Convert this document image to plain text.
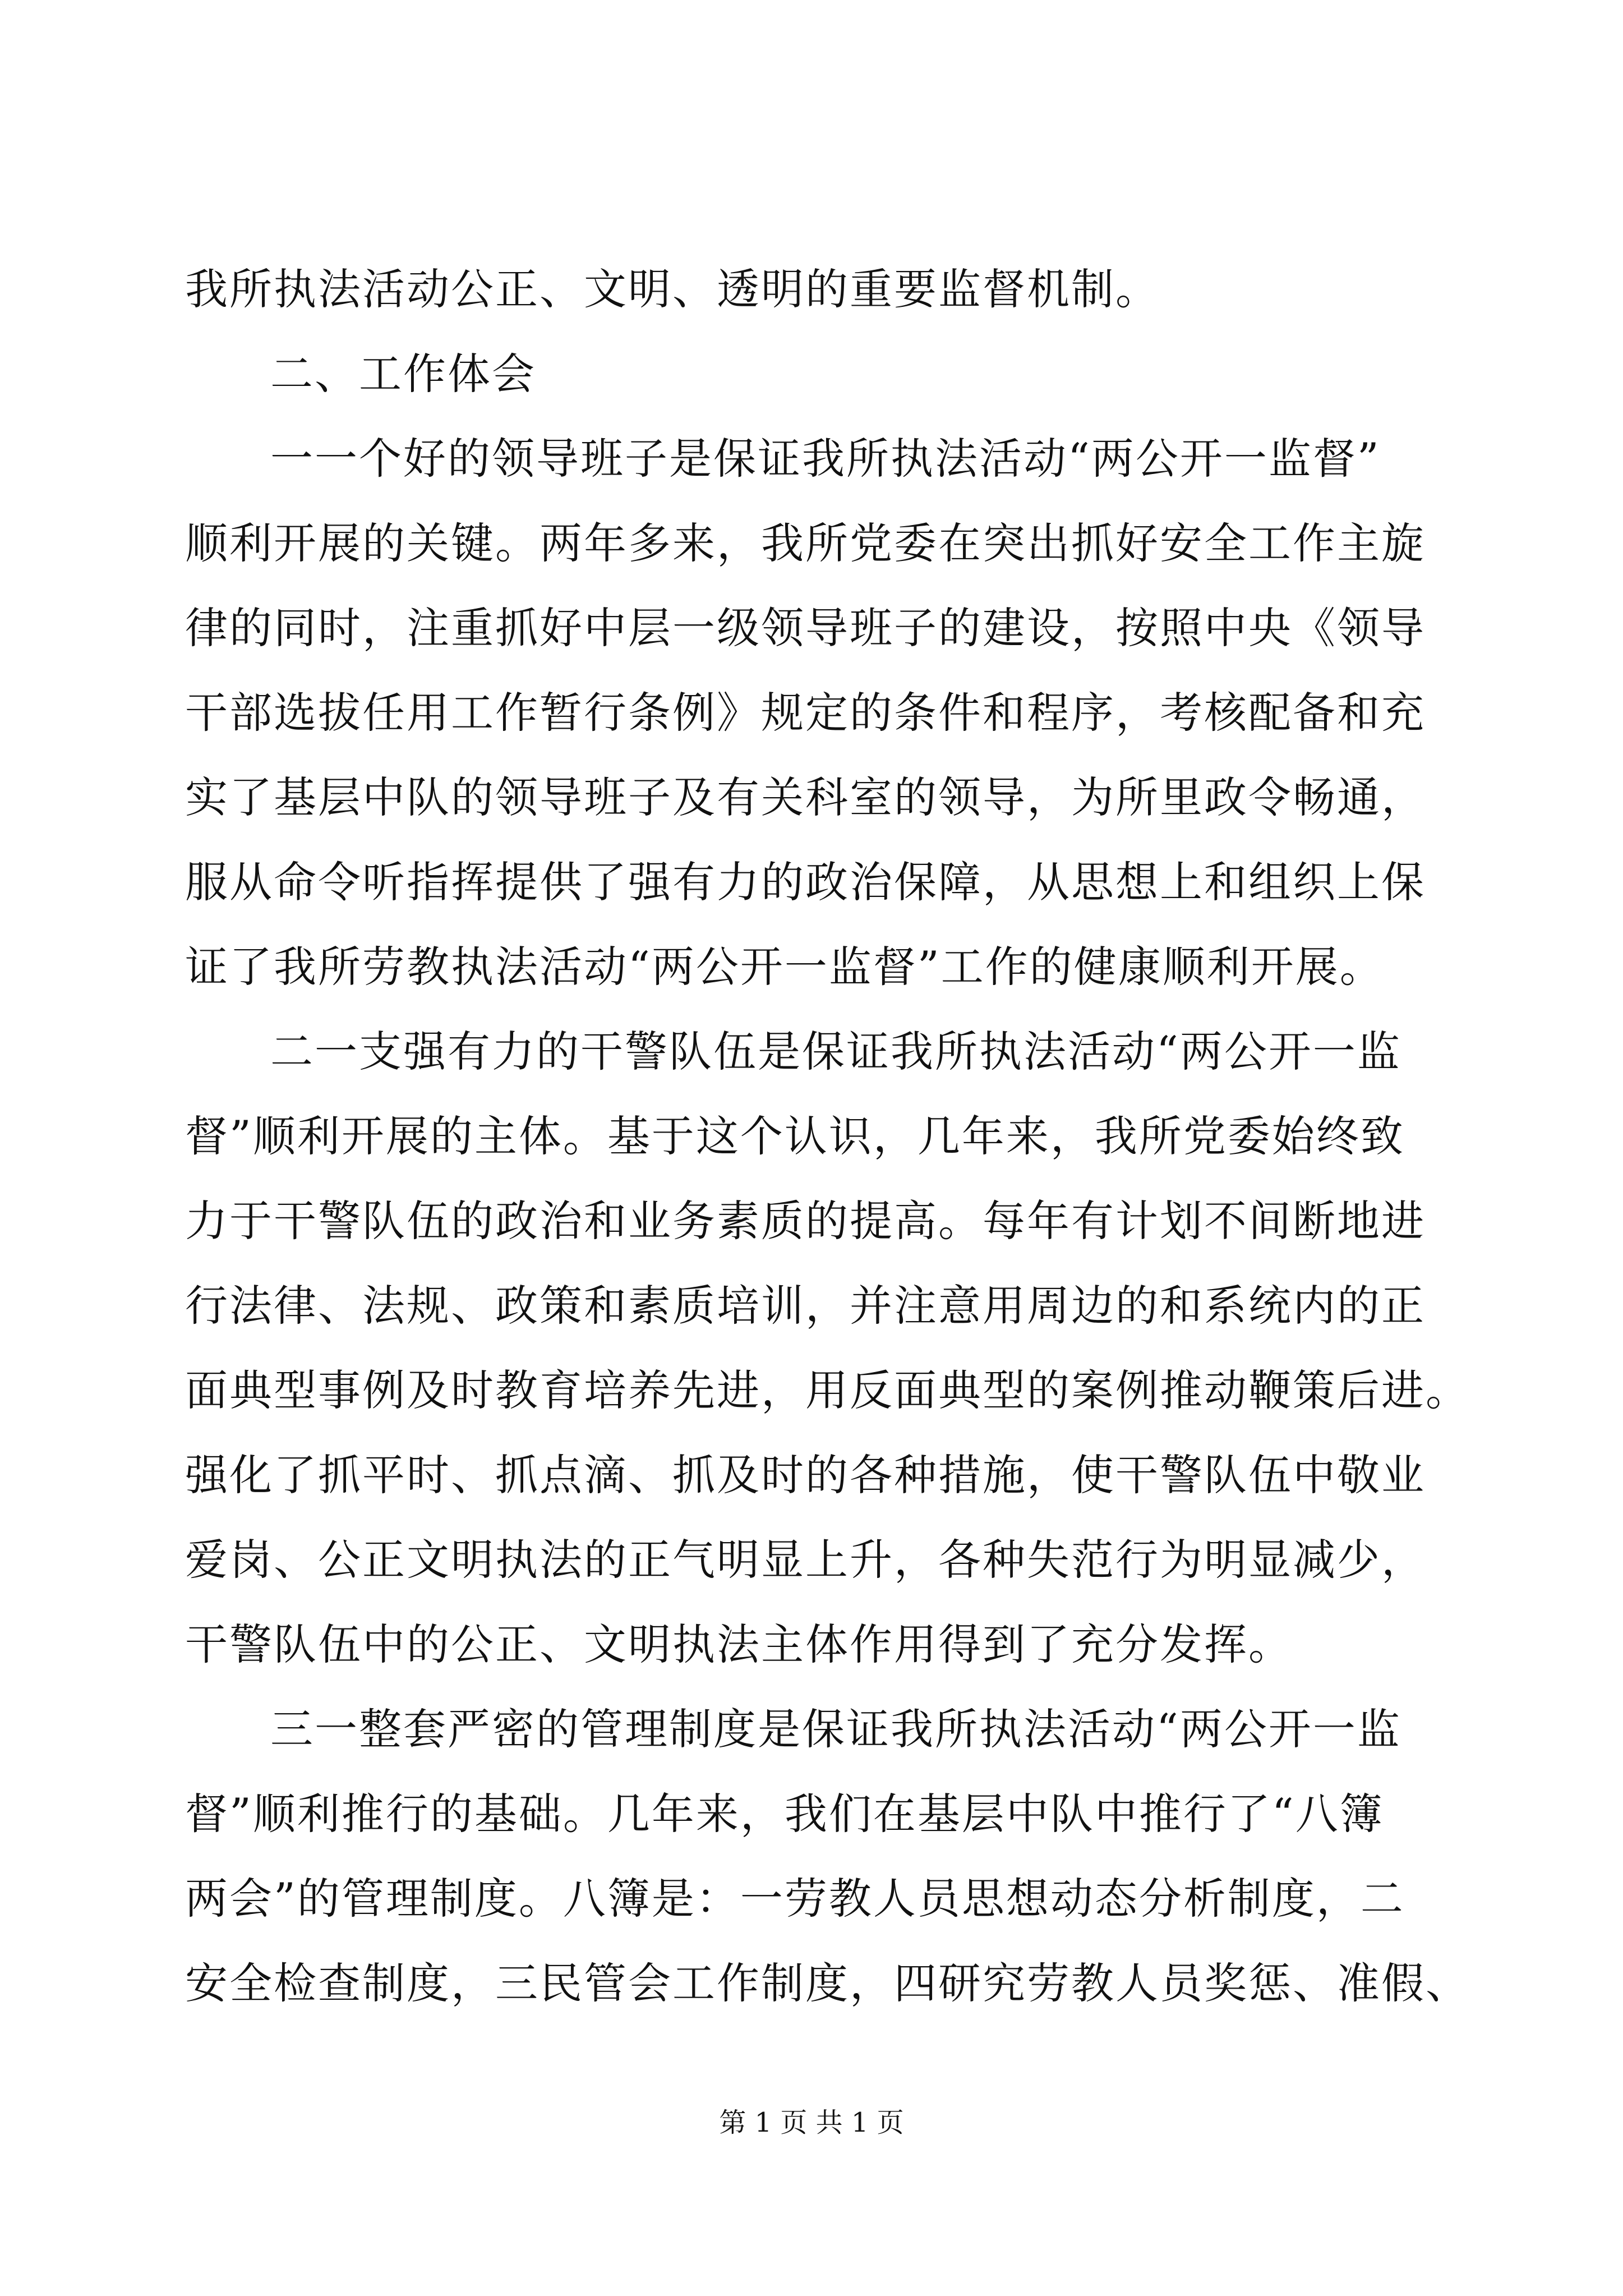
我所执法活动公正、文明、透明的重要监督机制。
二、工作体会
一一个好的领导班子是保证我所执法活动“两公开一监督”
顺利开展的关键。两年多来，我所党委在突出抓好安全工作主旋
律的同时，注重抓好中层一级领导班子的建设，按照中央《领导
干部选拔任用工作暂行条例》规定的条件和程序，考核配备和充
实了基层中队的领导班子及有关科室的领导，为所里政令畅通，
服从命令听指挥提供了强有力的政治保障，从思想上和组织上保
证了我所劳教执法活动“两公开一监督”工作的健康顺利开展。
二一支强有力的干警队伍是保证我所执法活动“两公开一监
督”顺利开展的主体。基于这个认识，几年来，我所党委始终致
力于干警队伍的政治和业务素质的提高。每年有计划不间断地进
行法律、法规、政策和素质培训，并注意用周边的和系统内的正
面典型事例及时教育培养先进，用反面典型的案例推动鞭策后进。
强化了抓平时、抓点滴、抓及时的各种措施，使干警队伍中敬业
爱岗、公正文明执法的正气明显上升，各种失范行为明显减少，
干警队伍中的公正、文明执法主体作用得到了充分发挥。
三一整套严密的管理制度是保证我所执法活动“两公开一监
督”顺利推行的基础。几年来，我们在基层中队中推行了“八簿
两会”的管理制度。八簿是：一劳教人员思想动态分析制度，二
安全检查制度，三民管会工作制度，四研究劳教人员奖惩、准假、
第 1 页 共 1 页
